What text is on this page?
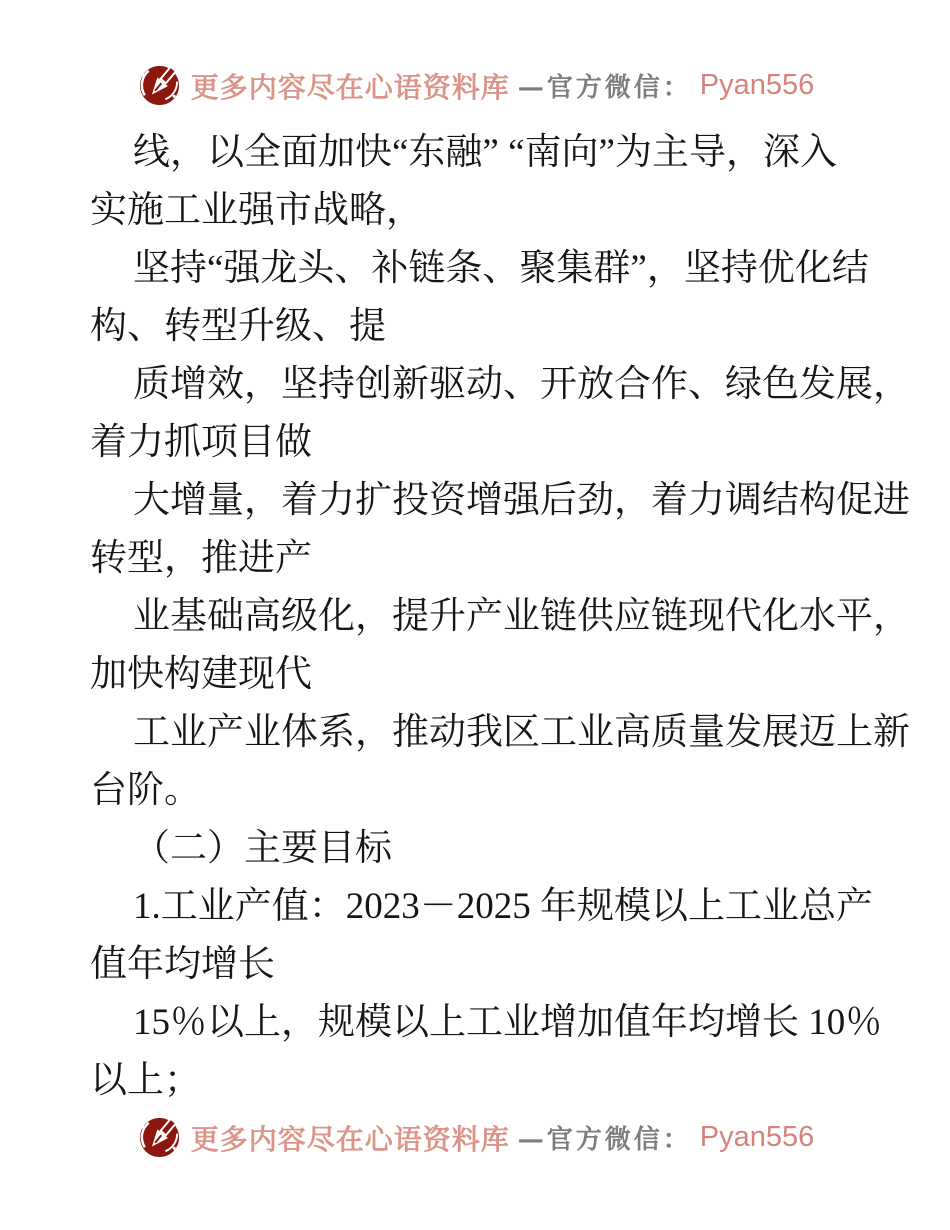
更多内容尽在心语资料库 —官方微信： Pyan556
线，以全面加快“东融” “南向”为主导，深入
实施工业强市战略，
坚持“强龙头、补链条、聚集群”，坚持优化结
构、转型升级、提
质增效，坚持创新驱动、开放合作、绿色发展，
着力抓项目做
大增量，着力扩投资增强后劲，着力调结构促进
转型，推进产
业基础高级化，提升产业链供应链现代化水平，
加快构建现代
工业产业体系，推动我区工业高质量发展迈上新
台阶。
（二）主要目标
1.工业产值：2023－2025 年规模以上工业总产
值年均增长
15％以上，规模以上工业增加值年均增长 10％
以上；
更多内容尽在心语资料库 —官方微信： Pyan556
